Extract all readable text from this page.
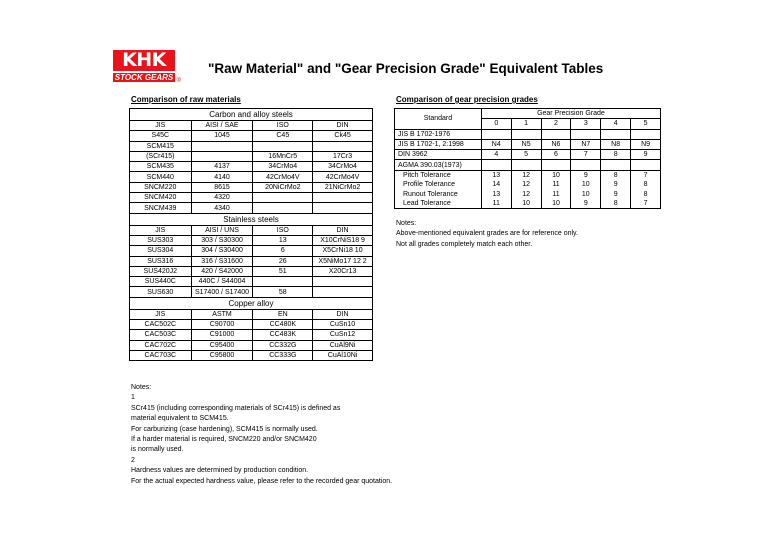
KHK
STOCK GEARS ®
"Raw Material" and "Gear Precision Grade" Equivalent Tables
Comparison of raw materials	Comparison of gear precision grades
Carbon and alloy steels			
JIS	AISI / SAE	ISO	DIN
S45C	1045	C45	Ck45
SCM415			
(SCr415)		16MnCr5	17Cr3
SCM435	4137	34CrMo4	34CrMo4
SCM440	4140	42CrMo4V	42CrMo4V
SNCM220	8615	20NiCrMo2	21NiCrMo2
SNCM420	4320		
SNCM439	4340		
Stainless steels			
JIS	AISI / UNS	ISO	DIN
SUS303	303 / S30300	13	X10CrNiS18 9
SUS304	304 / S30400	6	X5CrNi18 10
SUS316	316 / S31600	26	X5NiMo17 12 2
SUS420J2	420 / S42000	51	X20Cr13
SUS440C	440C / S44004		
SUS630	S17400 / S17400	58	
Copper alloy			
JIS	ASTM	EN	DIN
CAC502C	C90700	CC480K	CuSn10
CAC503C	C91000	CC483K	CuSn12
CAC702C	C95400	CC332G	CuAl9Ni
CAC703C	C95800	CC333G	CuAl10Ni
Standard	Gear Precision Grade					
	0	1	2	3	4	5
JIS B 1702-1976						
JIS B 1702-1, 2:1998	N4	N5	N6	N7	N8	N9
DIN 3962	4	5	6	7	8	9
AGMA 390.03(1973)						
Pitch Tolerance	13	12	10	9	8	7
Profile Tolerance	14	12	11	10	9	8
Runout Tolerance	13	12	11	10	9	8
Lead Tolerance	11	10	10	9	8	7
Notes:
Above-mentioned equivalent grades are for reference only.
Not all grades completely match each other.
Notes:
1
SCr415 (including corresponding materials of SCr415) is defined as
material equivalent to SCM415.
For carburizing (case hardening), SCM415 is normally used.
If a harder material is required, SNCM220 and/or SNCM420
is normally used.
2
Hardness values are determined by production condition.
For the actual expected hardness value, please refer to the recorded gear quotation.
